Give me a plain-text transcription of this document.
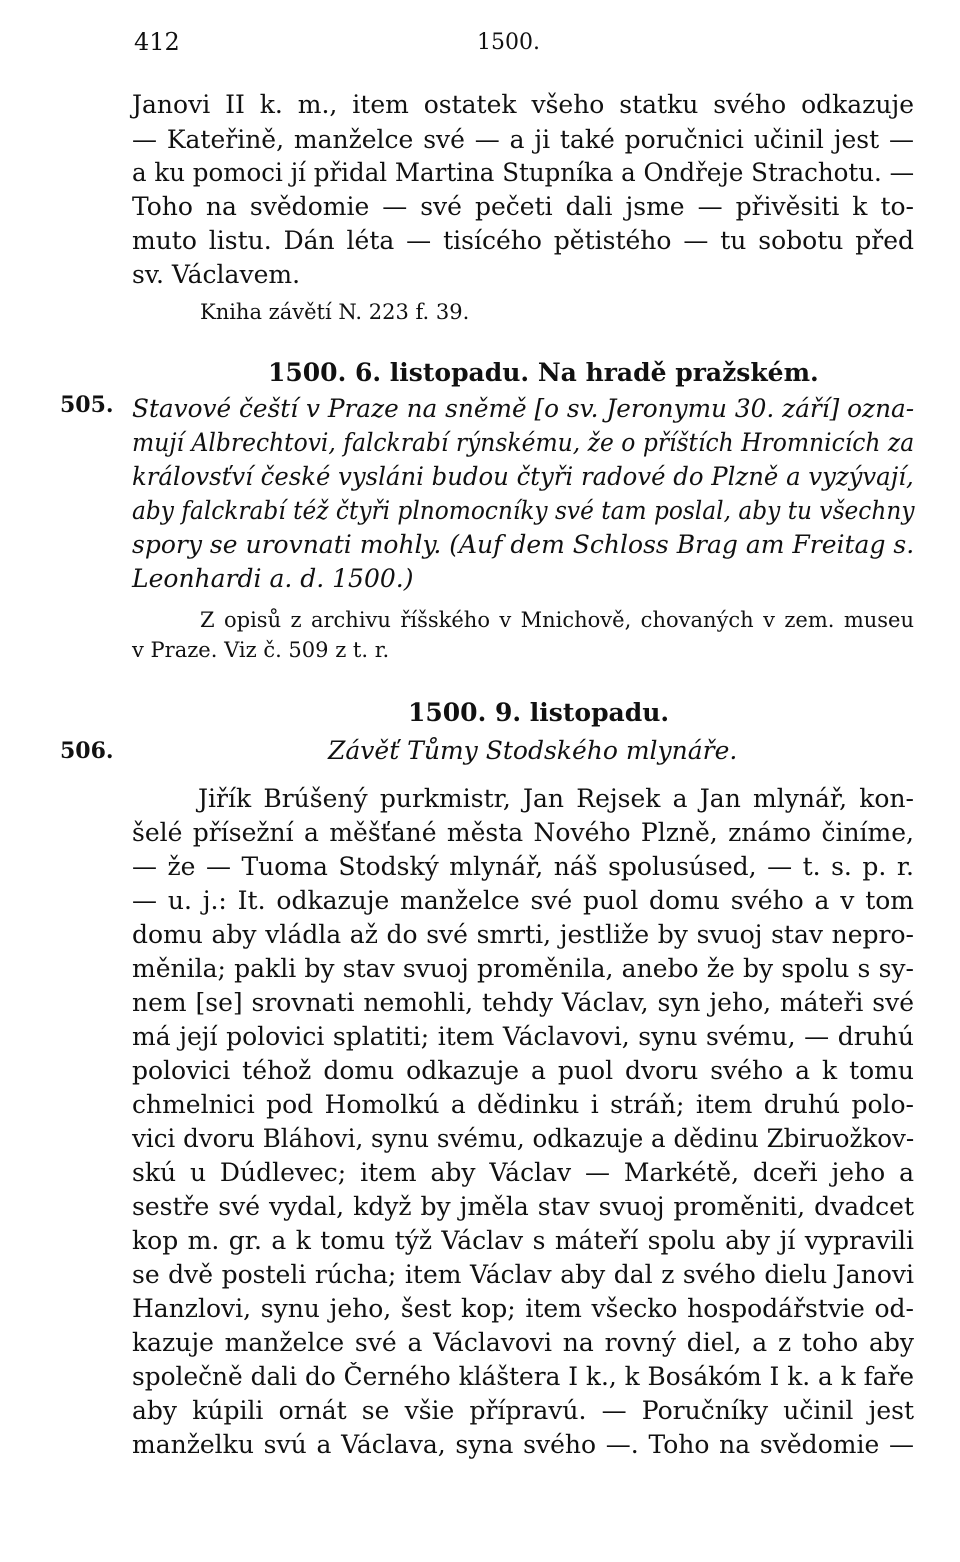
412	1500.
Janovi II k. m., item ostatek všeho statku svého odkazuje
— Kateřině, manželce své — a ji také poručnici učinil jest —
a ku pomoci jí přidal Martina Stupníka a Ondřeje Strachotu. —
Toho na svědomie — své pečeti dali jsme — přivěsiti k to-
muto listu. Dán léta — tisícého pětistého — tu sobotu před
sv. Václavem.
Kniha závětí N. 223 f. 39.
1500. 6. listopadu. Na hradě pražském.
505. Stavové čeští v Praze na sněmě [o sv. Jeronymu 30. září] ozna-
mují Albrechtovi, falckrabí rýnskému, že o příštích Hromnicích za
královsťví české vysláni budou čtyři radové do Plzně a vyzývají,
aby falckrabí též čtyři plnomocníky své tam poslal, aby tu všechny
spory se urovnati mohly. (Auf dem Schloss Brag am Freitag s.
Leonhardi a. d. 1500.)
Z opisů z archivu říšského v Mnichově, chovaných v zem. museu
v Praze. Viz č. 509 z t. r.
1500. 9. listopadu.
506.	Závěť Tůmy Stodského mlynáře.
Jiřík Brúšený purkmistr, Jan Rejsek a Jan mlynář, kon-
šelé přísežní a měšťané města Nového Plzně, známo činíme,
— že — Tuoma Stodský mlynář, náš spolusúsed, — t. s. p. r.
— u. j.: It. odkazuje manželce své puol domu svého a v tom
domu aby vládla až do své smrti, jestliže by svuoj stav nepro-
měnila; pakli by stav svuoj proměnila, anebo že by spolu s sy-
nem [se] srovnati nemohli, tehdy Václav, syn jeho, máteři své
má její polovici splatiti; item Václavovi, synu svému, — druhú
polovici téhož domu odkazuje a puol dvoru svého a k tomu
chmelnici pod Homolkú a dědinku i stráň; item druhú polo-
vici dvoru Bláhovi, synu svému, odkazuje a dědinu Zbiruožkov-
skú u Dúdlevec; item aby Václav — Markétě, dceři jeho a
sestře své vydal, když by jměla stav svuoj proměniti, dvadcet
kop m. gr. a k tomu týž Václav s máteří spolu aby jí vypravili
se dvě posteli rúcha; item Václav aby dal z svého dielu Janovi
Hanzlovi, synu jeho, šest kop; item všecko hospodářstvie od-
kazuje manželce své a Václavovi na rovný diel, a z toho aby
společně dali do Černého kláštera I k., k Bosákóm I k. a k faře
aby kúpili ornát se všie přípravú. — Poručníky učinil jest
manželku svú a Václava, syna svého —. Toho na svědomie —
